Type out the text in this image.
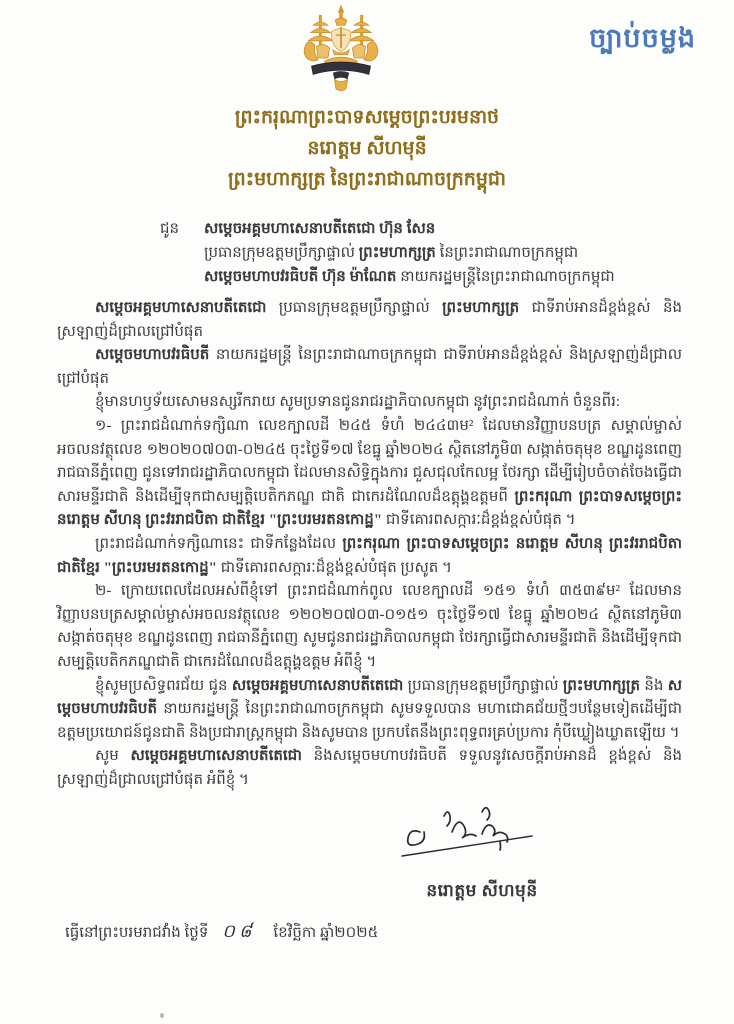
ច្បាប់ចម្លង
ព្រះករុណាព្រះបាទសម្តេចព្រះបរមនាថ
នរោត្តម សីហមុនី
ព្រះមហាក្សត្រ នៃព្រះរាជាណាចក្រកម្ពុជា
ជូន	សម្តេចអគ្គមហាសេនាបតីតេជោ ហ៊ុន សែន
ប្រធានក្រុមឧត្តមប្រឹក្សាផ្ទាល់ ព្រះមហាក្សត្រ នៃព្រះរាជាណាចក្រកម្ពុជា
សម្តេចមហាបវរធិបតី ហ៊ុន ម៉ាណែត នាយករដ្ឋមន្ត្រីនៃព្រះរាជាណាចក្រកម្ពុជា

សម្តេចអគ្គមហាសេនាបតីតេជោ ប្រធានក្រុមឧត្តមប្រឹក្សាផ្ទាល់ ព្រះមហាក្សត្រ ជាទីរាប់អានដ៏ខ្ពង់ខ្ពស់ និងស្រឡាញ់ដ៏ជ្រាលជ្រៅបំផុត

សម្តេចមហាបវរធិបតី នាយករដ្ឋមន្ត្រី នៃព្រះរាជាណាចក្រកម្ពុជា ជាទីរាប់អានដ៏ខ្ពង់ខ្ពស់ និងស្រឡាញ់ដ៏ជ្រាលជ្រៅបំផុត

ខ្ញុំមានហឫទ័យសោមនស្សរីករាយ សូមប្រទានជូនរាជរដ្ឋាភិបាលកម្ពុជា នូវព្រះរាជដំណាក់ ចំនួនពីរ:

១- ព្រះរាជដំណាក់ទក្សិណា លេខក្បាលដី ២៤៥ ទំហំ ២៤៤៣ម² ដែលមានវិញ្ញាបនបត្រ សម្គាល់ម្ចាស់អចលនវត្ថុលេខ ១២០២០៧០៣-០២៤៥ ចុះថ្ងៃទី១៧ ខែធ្នូ ឆ្នាំ២០២៤ ស្ថិតនៅភូមិ៣ សង្កាត់ចតុមុខ ខណ្ឌដូនពេញ រាជធានីភ្នំពេញ ជូនទៅរាជរដ្ឋាភិបាលកម្ពុជា ដែលមានសិទ្ធិក្នុងការ ជួសជុលកែលម្អ ថែរក្សា ដើម្បីរៀបចំចាត់ចែងធ្វើជាសារមន្ទីរជាតិ និងដើម្បីទុកជាសម្បត្តិបេតិកភណ្ឌ ជាតិ ជាកេរដំណែលដ៏ឧត្តុង្គឧត្តមពី ព្រះករុណា ព្រះបាទសម្តេចព្រះនរោត្តម សីហនុ ព្រះវររាជបិតា ជាតិខ្មែរ "ព្រះបរមរតនកោដ្ឋ" ជាទីគោរពសក្ការៈដ៏ខ្ពង់ខ្ពស់បំផុត ។

ព្រះរាជដំណាក់ទក្សិណានេះ ជាទីកន្លែងដែល ព្រះករុណា ព្រះបាទសម្តេចព្រះ នរោត្តម សីហនុ ព្រះវររាជបិតាជាតិខ្មែរ "ព្រះបរមរតនកោដ្ឋ" ជាទីគោរពសក្ការៈដ៏ខ្ពង់ខ្ពស់បំផុត ប្រសូត ។

២- ក្រោយពេលដែលអស់ពីខ្ញុំទៅ ព្រះរាជដំណាក់ពូល លេខក្បាលដី ១៥១ ទំហំ ៣៥៣៩ម² ដែលមានវិញ្ញាបនបត្រសម្គាល់ម្ចាស់អចលនវត្ថុលេខ ១២០២០៧០៣-០១៥១ ចុះថ្ងៃទី១៧ ខែធ្នូ ឆ្នាំ២០២៤ ស្ថិតនៅភូមិ៣ សង្កាត់ចតុមុខ ខណ្ឌដូនពេញ រាជធានីភ្នំពេញ សូមជូនរាជរដ្ឋាភិបាលកម្ពុជា ថែរក្សាធ្វើជាសារមន្ទីរជាតិ និងដើម្បីទុកជាសម្បត្តិបេតិកភណ្ឌជាតិ ជាកេរដំណែលដ៏ឧត្តុង្គឧត្តម អំពីខ្ញុំ ។

ខ្ញុំសូមប្រសិទ្ធពរជ័យ ជូន សម្តេចអគ្គមហាសេនាបតីតេជោ ប្រធានក្រុមឧត្តមប្រឹក្សាផ្ទាល់ ព្រះមហាក្សត្រ និង សម្តេចមហាបវរធិបតី នាយករដ្ឋមន្ត្រី នៃព្រះរាជាណាចក្រកម្ពុជា សូមទទួលបាន មហាជោគជ័យថ្មីៗបន្ថែមទៀតដើម្បីជាឧត្តមប្រយោជន៍ជូនជាតិ និងប្រជារាស្ត្រកម្ពុជា និងសូមបាន ប្រកបតែនឹងព្រះពុទ្ធពរគ្រប់ប្រការ កុំបីឃ្លៀងឃ្លាតឡើយ ។

សូម សម្តេចអគ្គមហាសេនាបតីតេជោ និងសម្តេចមហាបវរធិបតី ទទួលនូវសេចក្តីរាប់អានដ៏ ខ្ពង់ខ្ពស់ និងស្រឡាញ់ដ៏ជ្រាលជ្រៅបំផុត អំពីខ្ញុំ ។

នរោត្តម សីហមុនី
ធ្វើនៅព្រះបរមរាជវាំង ថ្ងៃទី ០៨ ខែវិច្ឆិកា ឆ្នាំ២០២៥
